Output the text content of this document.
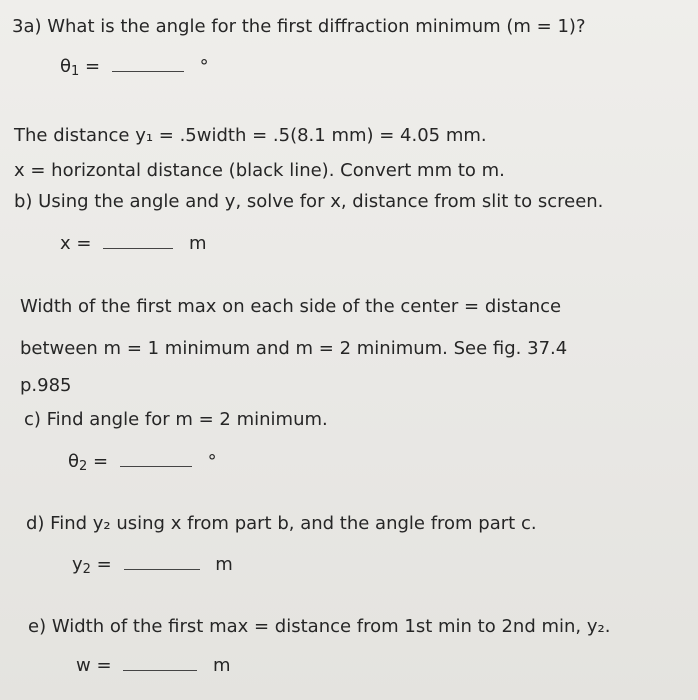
3a) What is the angle for the first diffraction minimum (m = 1)?
$\theta_1$ =	°
The distance y₁ = .5width = .5(8.1 mm) = 4.05 mm.
x = horizontal distance (black line). Convert mm to m.
b) Using the angle and y, solve for x, distance from slit to screen.
x =	m
Width of the first max on each side of the center = distance
between m = 1 minimum and m = 2 minimum. See fig. 37.4
p.985
c) Find angle for m = 2 minimum.
$\theta_2$ =	°
d) Find y₂ using x from part b, and the angle from part c.
$y_2$ =	m
e) Width of the first max = distance from 1st min to 2nd min, y₂.
w =	m
